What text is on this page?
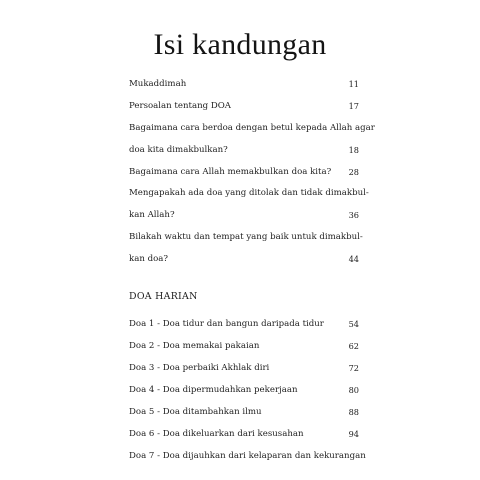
Isi kandungan
Mukaddimah	11
Persoalan tentang DOA	17
Bagaimana cara berdoa dengan betul kepada Allah agar
doa kita dimakbulkan?	18
Bagaimana cara Allah memakbulkan doa kita? 28
Mengapakah ada doa yang ditolak dan tidak dimakbul-
kan Allah?	36
Bilakah waktu dan tempat yang baik untuk dimakbul-
kan doa?	44
DOA HARIAN
Doa 1 - Doa tidur dan bangun daripada tidur	54
Doa 2 - Doa memakai pakaian	62
Doa 3 - Doa perbaiki Akhlak diri	72
Doa 4 - Doa dipermudahkan pekerjaan	80
Doa 5 - Doa ditambahkan ilmu	88
Doa 6 - Doa dikeluarkan dari kesusahan	94
Doa 7 - Doa dijauhkan dari kelaparan dan kekurangan
